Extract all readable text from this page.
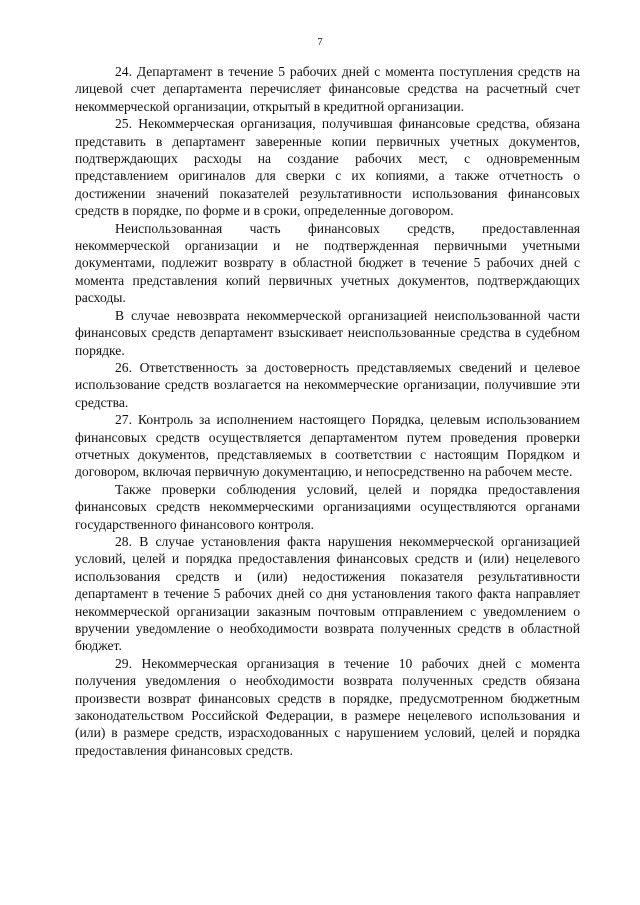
7

24. Департамент в течение 5 рабочих дней с момента поступления средств на лицевой счет департамента перечисляет финансовые средства на расчетный счет некоммерческой организации, открытый в кредитной организации.

25. Некоммерческая организация, получившая финансовые средства, обязана представить в департамент заверенные копии первичных учетных документов, подтверждающих расходы на создание рабочих мест, с одновременным представлением оригиналов для сверки с их копиями, а также отчетность о достижении значений показателей результативности использования финансовых средств в порядке, по форме и в сроки, определенные договором.

Неиспользованная часть финансовых средств, предоставленная некоммерческой организации и не подтвержденная первичными учетными документами, подлежит возврату в областной бюджет в течение 5 рабочих дней с момента представления копий первичных учетных документов, подтверждающих расходы.

В случае невозврата некоммерческой организацией неиспользованной части финансовых средств департамент взыскивает неиспользованные средства в судебном порядке.

26. Ответственность за достоверность представляемых сведений и целевое использование средств возлагается на некоммерческие организации, получившие эти средства.

27. Контроль за исполнением настоящего Порядка, целевым использованием финансовых средств осуществляется департаментом путем проведения проверки отчетных документов, представляемых в соответствии с настоящим Порядком и договором, включая первичную документацию, и непосредственно на рабочем месте.

Также проверки соблюдения условий, целей и порядка предоставления финансовых средств некоммерческими организациями осуществляются органами государственного финансового контроля.

28. В случае установления факта нарушения некоммерческой организацией условий, целей и порядка предоставления финансовых средств и (или) нецелевого использования средств и (или) недостижения показателя результативности департамент в течение 5 рабочих дней со дня установления такого факта направляет некоммерческой организации заказным почтовым отправлением с уведомлением о вручении уведомление о необходимости возврата полученных средств в областной бюджет.

29. Некоммерческая организация в течение 10 рабочих дней с момента получения уведомления о необходимости возврата полученных средств обязана произвести возврат финансовых средств в порядке, предусмотренном бюджетным законодательством Российской Федерации, в размере нецелевого использования и (или) в размере средств, израсходованных с нарушением условий, целей и порядка предоставления финансовых средств.
